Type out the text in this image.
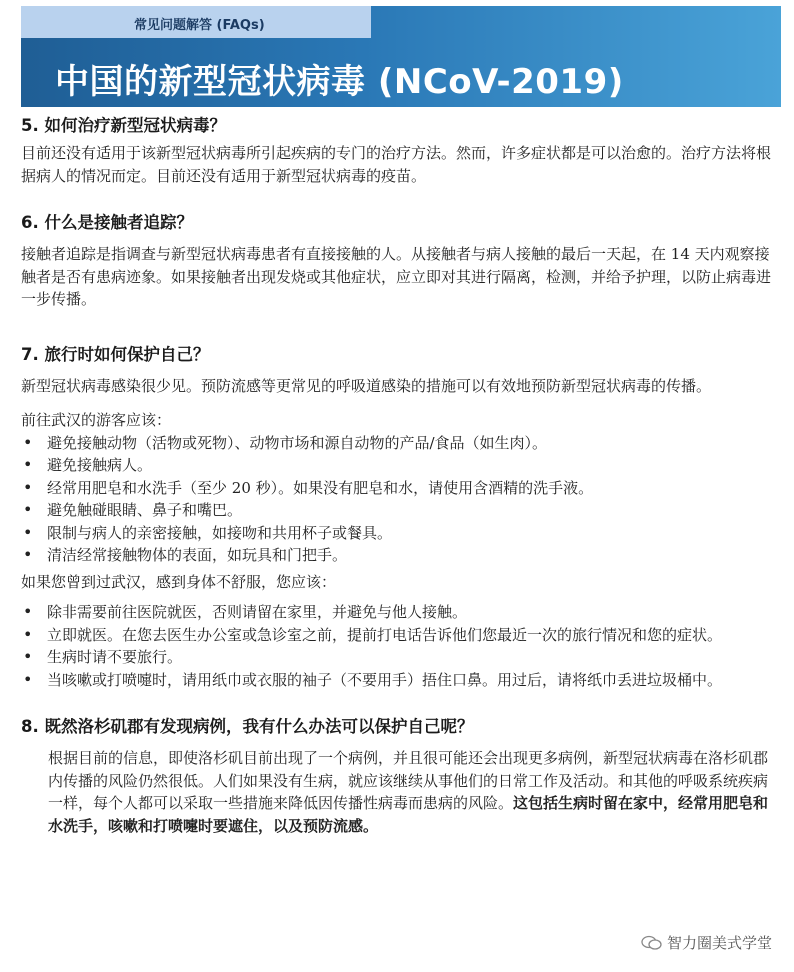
常见问题解答 (FAQs)
中国的新型冠状病毒 (NCoV-2019)

5. 如何治疗新型冠状病毒？

目前还没有适用于该新型冠状病毒所引起疾病的专门的治疗方法。然而，许多症状都是可以治愈的。治疗方法将根据病人的情况而定。目前还没有适用于新型冠状病毒的疫苗。

6. 什么是接触者追踪？

接触者追踪是指调查与新型冠状病毒患者有直接接触的人。从接触者与病人接触的最后一天起，在 14 天内观察接触者是否有患病迹象。如果接触者出现发烧或其他症状，应立即对其进行隔离，检测，并给予护理，以防止病毒进一步传播。

7. 旅行时如何保护自己？

新型冠状病毒感染很少见。预防流感等更常见的呼吸道感染的措施可以有效地预防新型冠状病毒的传播。

前往武汉的游客应该：

• 避免接触动物（活物或死物）、动物市场和源自动物的产品/食品（如生肉）。
• 避免接触病人。
• 经常用肥皂和水洗手（至少 20 秒）。如果没有肥皂和水，请使用含酒精的洗手液。
• 避免触碰眼睛、鼻子和嘴巴。
• 限制与病人的亲密接触，如接吻和共用杯子或餐具。
• 清洁经常接触物体的表面，如玩具和门把手。

如果您曾到过武汉，感到身体不舒服，您应该：

• 除非需要前往医院就医，否则请留在家里，并避免与他人接触。
• 立即就医。在您去医生办公室或急诊室之前，提前打电话告诉他们您最近一次的旅行情况和您的症状。
• 生病时请不要旅行。
• 当咳嗽或打喷嚏时，请用纸巾或衣服的袖子（不要用手）捂住口鼻。用过后，请将纸巾丢进垃圾桶中。

8. 既然洛杉矶郡有发现病例，我有什么办法可以保护自己呢？

根据目前的信息，即使洛杉矶目前出现了一个病例，并且很可能还会出现更多病例，新型冠状病毒在洛杉矶郡内传播的风险仍然很低。人们如果没有生病，就应该继续从事他们的日常工作及活动。和其他的呼吸系统疾病一样，每个人都可以采取一些措施来降低因传播性病毒而患病的风险。这包括生病时留在家中，经常用肥皂和水洗手，咳嗽和打喷嚏时要遮住，以及预防流感。

智力圈美式学堂
